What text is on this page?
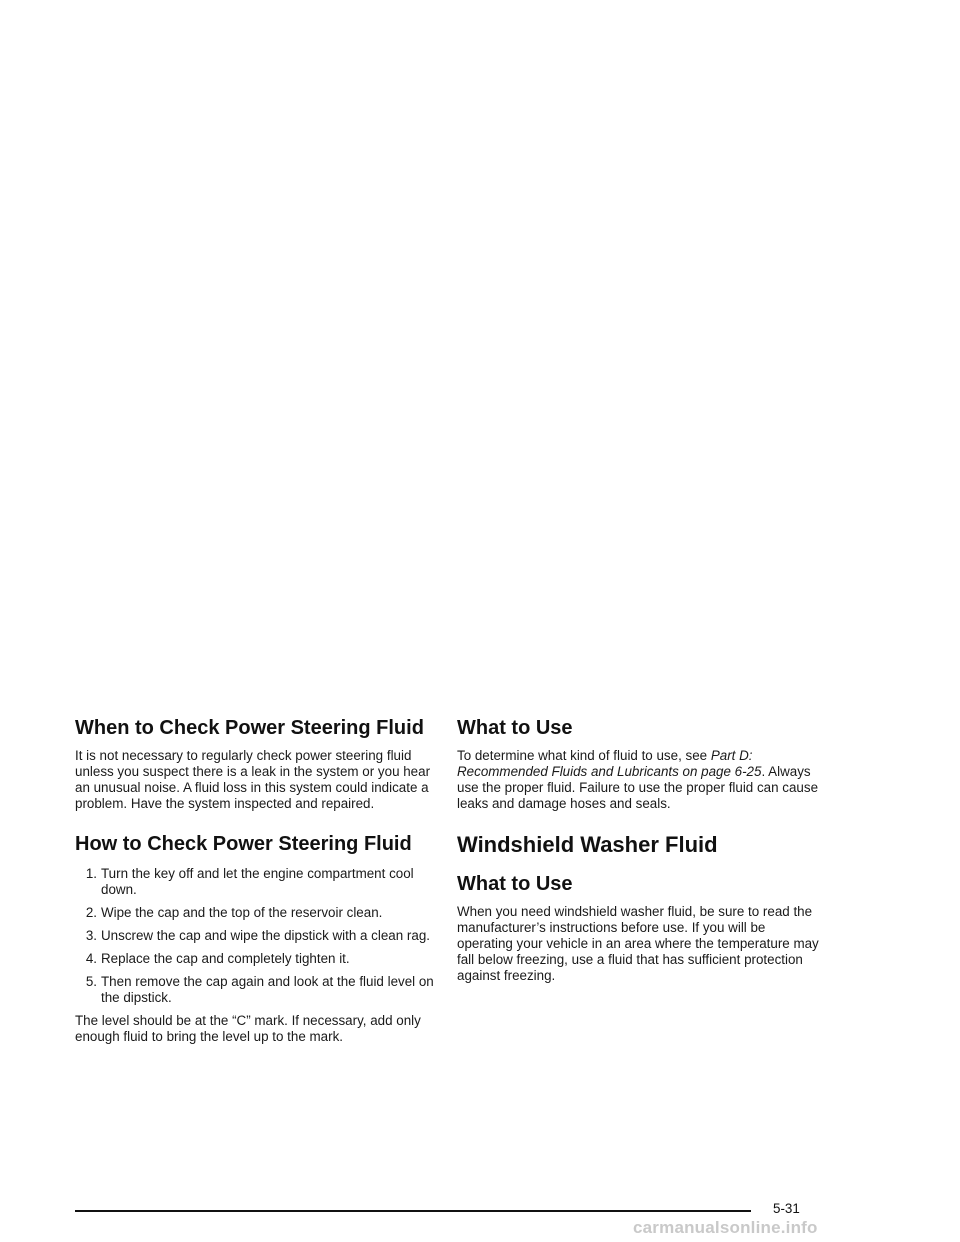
When to Check Power Steering Fluid

It is not necessary to regularly check power steering fluid unless you suspect there is a leak in the system or you hear an unusual noise. A fluid loss in this system could indicate a problem. Have the system inspected and repaired.

How to Check Power Steering Fluid
1. Turn the key off and let the engine compartment cool down.
2. Wipe the cap and the top of the reservoir clean.
3. Unscrew the cap and wipe the dipstick with a clean rag.
4. Replace the cap and completely tighten it.
5. Then remove the cap again and look at the fluid level on the dipstick.

The level should be at the “C” mark. If necessary, add only enough fluid to bring the level up to the mark.

What to Use

To determine what kind of fluid to use, see Part D: Recommended Fluids and Lubricants on page 6-25. Always use the proper fluid. Failure to use the proper fluid can cause leaks and damage hoses and seals.

Windshield Washer Fluid
What to Use

When you need windshield washer fluid, be sure to read the manufacturer’s instructions before use. If you will be operating your vehicle in an area where the temperature may fall below freezing, use a fluid that has sufficient protection against freezing.

5-31
carmanualsonline.info
